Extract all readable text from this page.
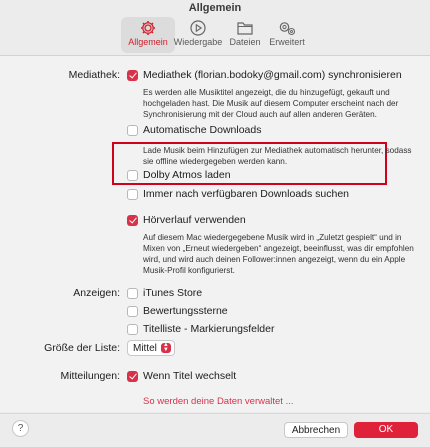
Allgemein
Allgemein Wiedergabe Dateien Erweitert
Mediathek: Mediathek (florian.bodoky@gmail.com) synchronisieren
Es werden alle Musiktitel angezeigt, die du hinzugefügt, gekauft und hochgeladen hast. Die Musik auf diesem Computer erscheint nach der Synchronisierung mit der Cloud auch auf allen anderen Geräten.
Automatische Downloads
Lade Musik beim Hinzufügen zur Mediathek automatisch herunter, sodass sie offline wiedergegeben werden kann.
Dolby Atmos laden
Immer nach verfügbaren Downloads suchen
Hörverlauf verwenden
Auf diesem Mac wiedergegebene Musik wird in „Zuletzt gespielt“ und in Mixen von „Erneut wiedergeben“ angezeigt, beeinflusst, was dir empfohlen wird, und wird auch deinen Follower:innen angezeigt, wenn du ein Apple Musik-Profil konfigurierst.
Anzeigen: iTunes Store
Bewertungssterne
Titelliste - Markierungsfelder
Größe der Liste: Mittel	▲
▼
Mitteilungen: Wenn Titel wechselt
So werden deine Daten verwaltet ...
?	Abbrechen	OK
